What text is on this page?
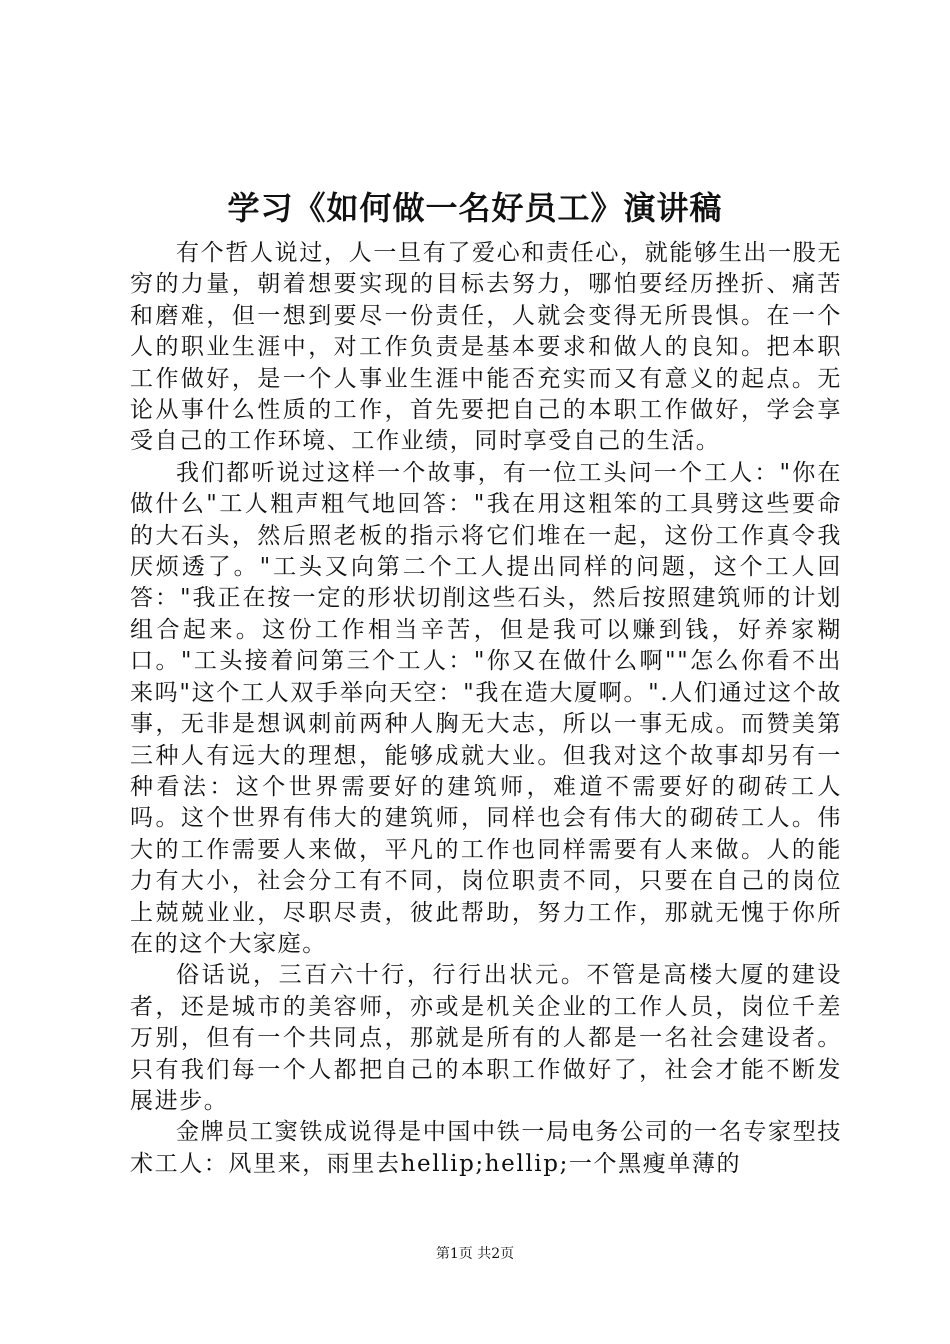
学习《如何做一名好员工》演讲稿

有个哲人说过，人一旦有了爱心和责任心，就能够生出一股无穷的力量，朝着想要实现的目标去努力，哪怕要经历挫折、痛苦和磨难，但一想到要尽一份责任，人就会变得无所畏惧。在一个人的职业生涯中，对工作负责是基本要求和做人的良知。把本职工作做好，是一个人事业生涯中能否充实而又有意义的起点。无论从事什么性质的工作，首先要把自己的本职工作做好，学会享受自己的工作环境、工作业绩，同时享受自己的生活。

我们都听说过这样一个故事，有一位工头问一个工人："你在做什么"工人粗声粗气地回答："我在用这粗笨的工具劈这些要命的大石头，然后照老板的指示将它们堆在一起，这份工作真令我厌烦透了。"工头又向第二个工人提出同样的问题，这个工人回答："我正在按一定的形状切削这些石头，然后按照建筑师的计划组合起来。这份工作相当辛苦，但是我可以赚到钱，好养家糊口。"工头接着问第三个工人："你又在做什么啊""怎么你看不出来吗"这个工人双手举向天空："我在造大厦啊。".人们通过这个故事，无非是想讽刺前两种人胸无大志，所以一事无成。而赞美第三种人有远大的理想，能够成就大业。但我对这个故事却另有一种看法：这个世界需要好的建筑师，难道不需要好的砌砖工人吗。这个世界有伟大的建筑师，同样也会有伟大的砌砖工人。伟大的工作需要人来做，平凡的工作也同样需要有人来做。人的能力有大小，社会分工有不同，岗位职责不同，只要在自己的岗位上兢兢业业，尽职尽责，彼此帮助，努力工作，那就无愧于你所在的这个大家庭。

俗话说，三百六十行，行行出状元。不管是高楼大厦的建设者，还是城市的美容师，亦或是机关企业的工作人员，岗位千差万别，但有一个共同点，那就是所有的人都是一名社会建设者。只有我们每一个人都把自己的本职工作做好了，社会才能不断发展进步。

金牌员工窦铁成说得是中国中铁一局电务公司的一名专家型技术工人：风里来，雨里去hellip;hellip;一个黑瘦单薄的

第1页 共2页
